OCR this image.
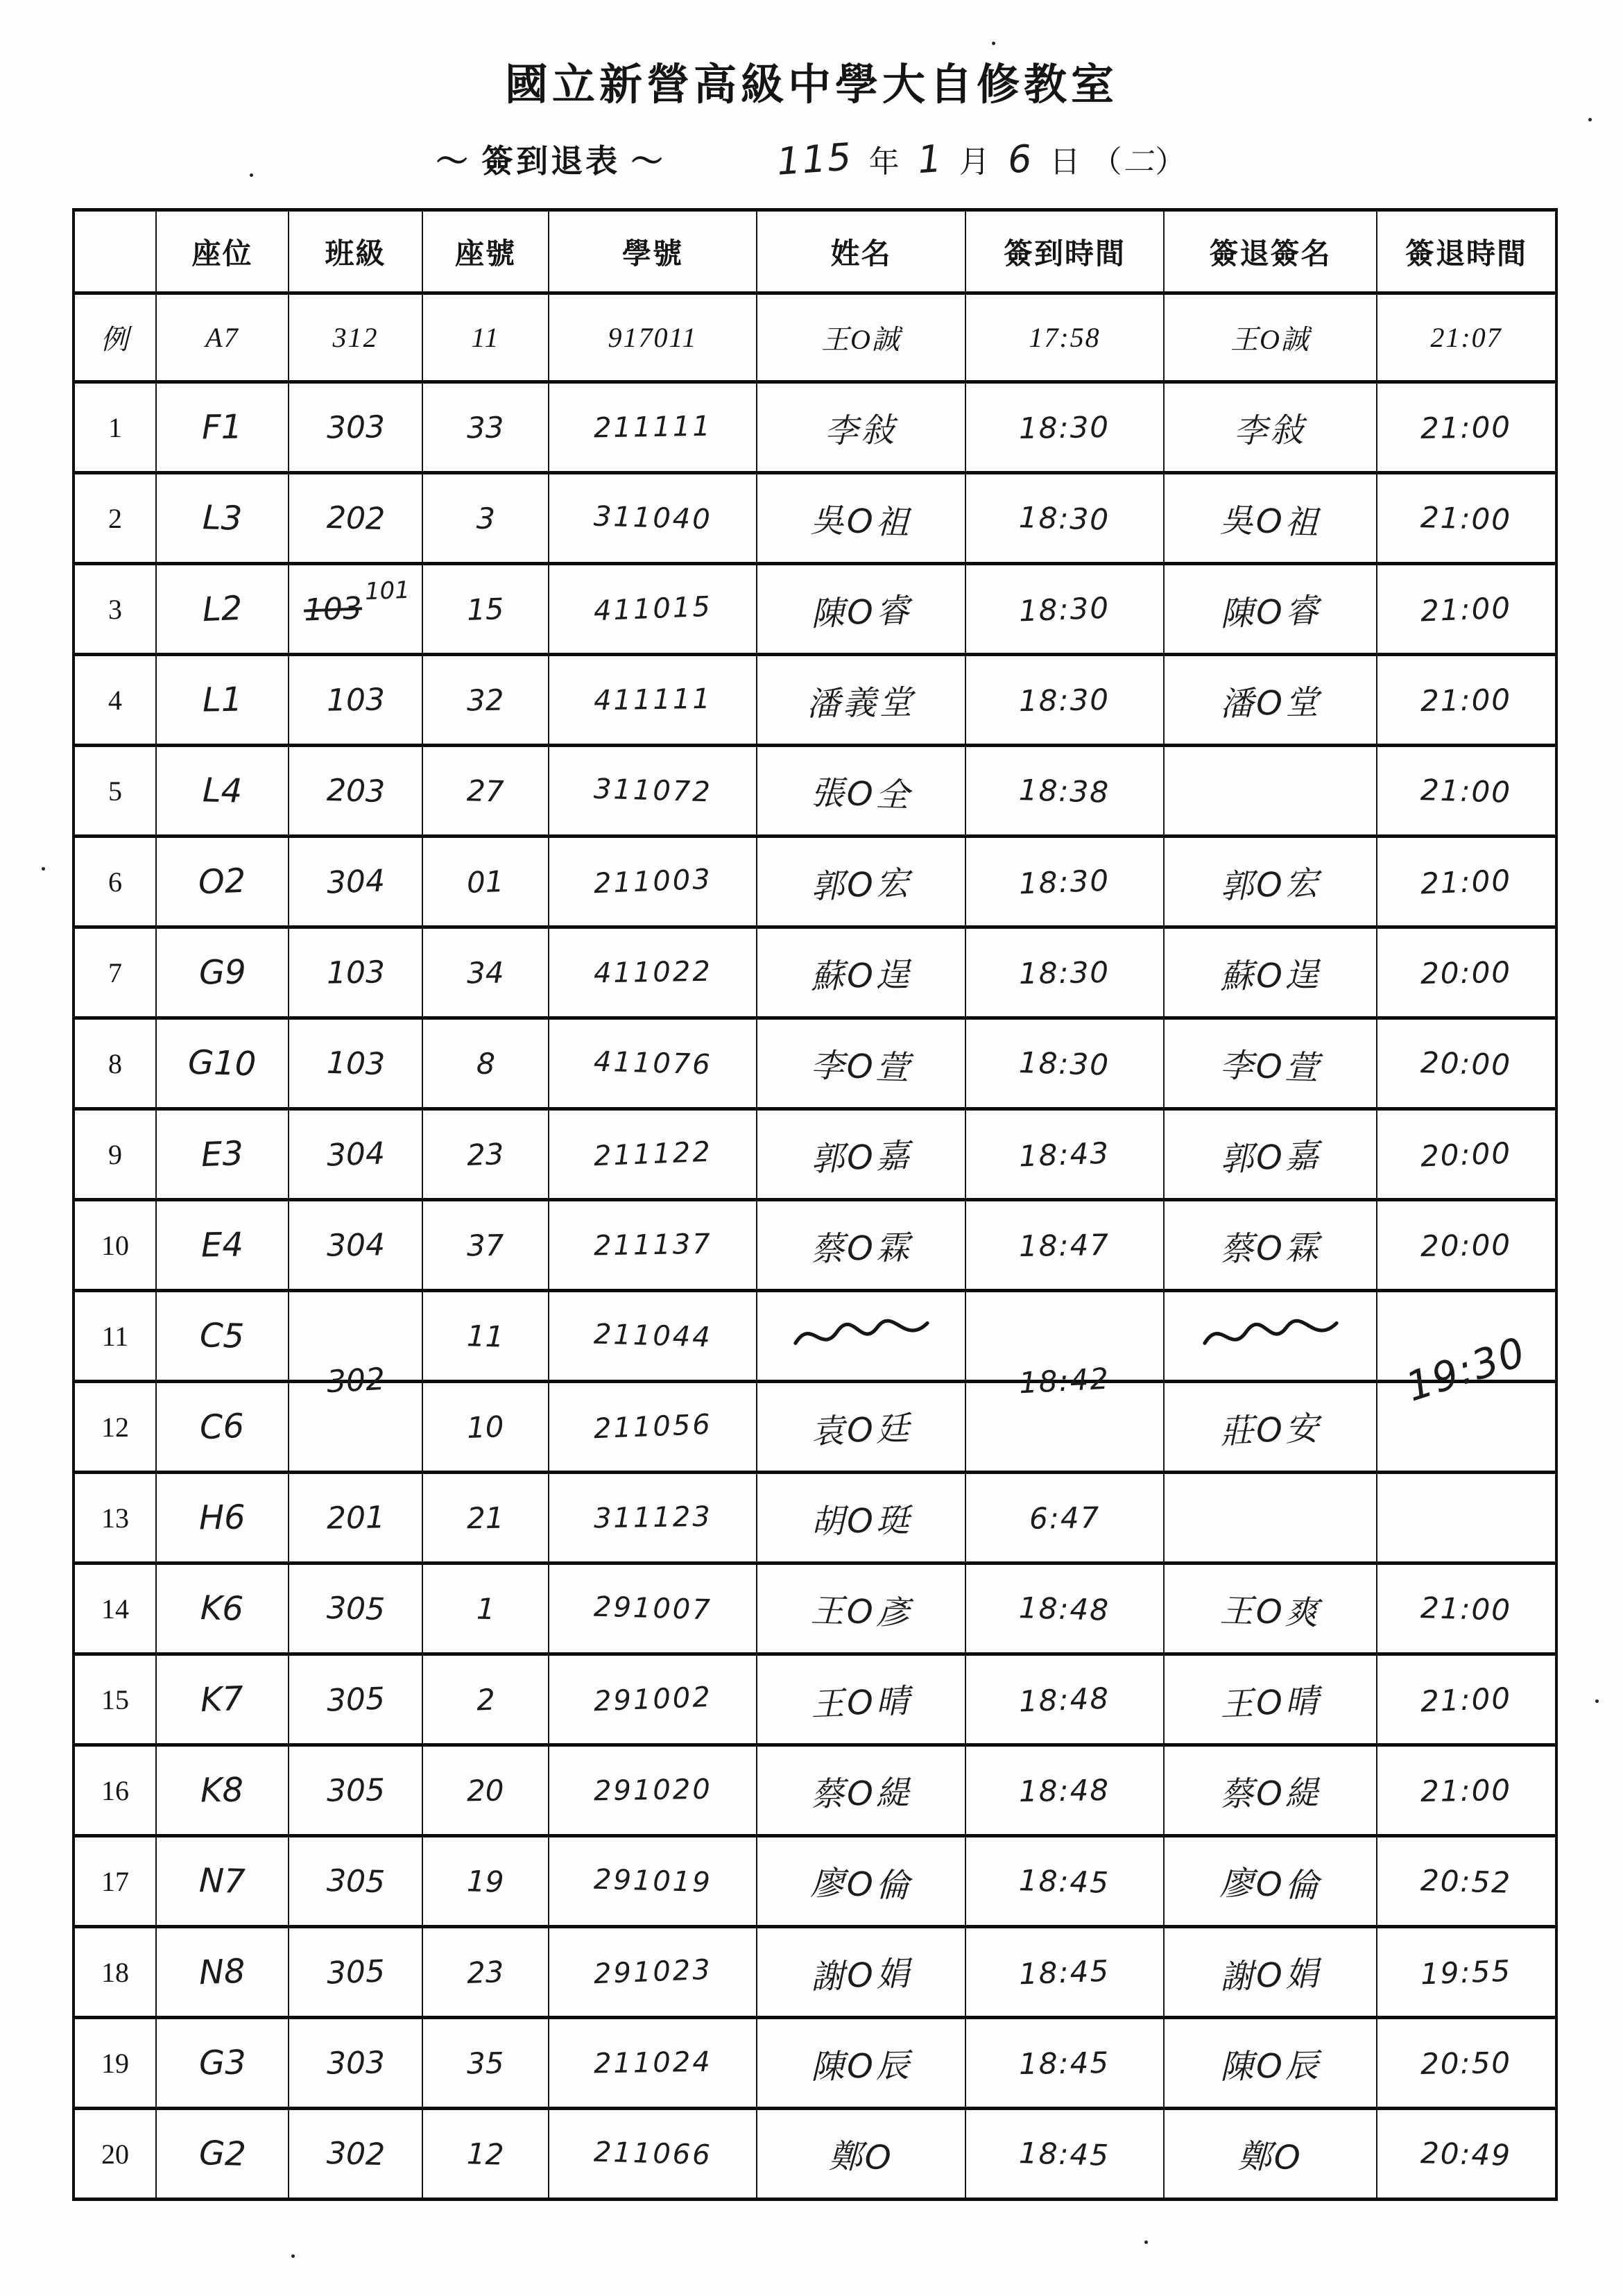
國立新營高級中學大自修教室
～ 簽到退表 ～	115 年 1 月 6 日 （二）
	座位	班級	座號	學號	姓名	簽到時間	簽退簽名	簽退時間
例	A7	312	11	917011	王O誠	17:58	王O誠	21:07
1	F1	303	33	211111	李敍	18:30	李敍	21:00
2	L3	202	3	311040	吳O祖	18:30	吳O祖	21:00
3	L2	103101	15	411015	陳O睿	18:30	陳O睿	21:00
4	L1	103	32	411111	潘義堂	18:30	潘O堂	21:00
5	L4	203	27	311072	張O全	18:38		21:00
6	O2	304	01	211003	郭O宏	18:30	郭O宏	21:00
7	G9	103	34	411022	蘇O逞	18:30	蘇O逞	20:00
8	G10	103	8	411076	李O萱	18:30	李O萱	20:00
9	E3	304	23	211122	郭O嘉	18:43	郭O嘉	20:00
10	E4	304	37	211137	蔡O霖	18:47	蔡O霖	20:00
11	C5	302	11	211044		18:42		19:30
12	C6		10	211056	袁O廷		莊O安	
13	H6	201	21	311123	胡O珽	6:47		
14	K6	305	1	291007	王O彥	18:48	王O爽	21:00
15	K7	305	2	291002	王O晴	18:48	王O晴	21:00
16	K8	305	20	291020	蔡O緹	18:48	蔡O緹	21:00
17	N7	305	19	291019	廖O倫	18:45	廖O倫	20:52
18	N8	305	23	291023	謝O娟	18:45	謝O娟	19:55
19	G3	303	35	211024	陳O辰	18:45	陳O辰	20:50
20	G2	302	12	211066	鄭O	18:45	鄭O	20:49
